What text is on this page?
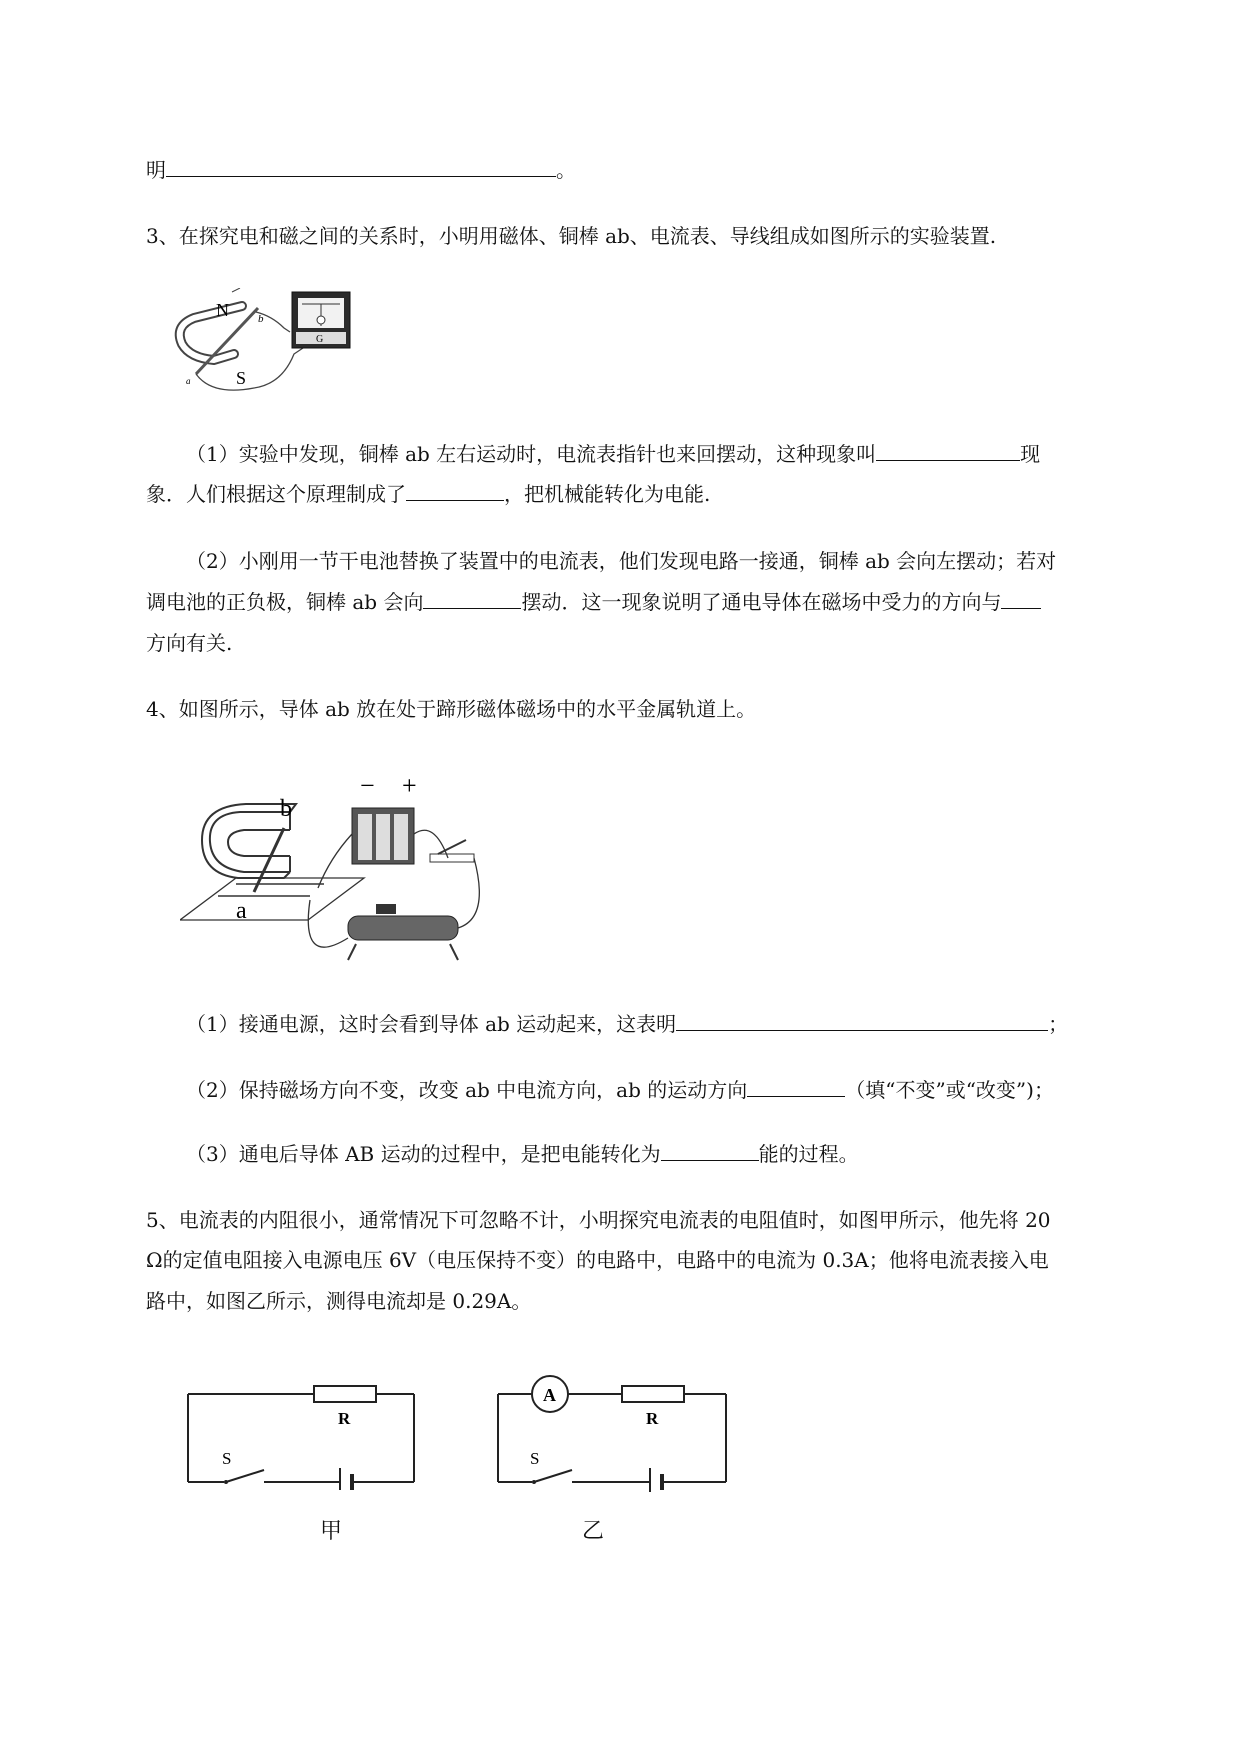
明	。
3、在探究电和磁之间的关系时，小明用磁体、铜棒 ab、电流表、导线组成如图所示的实验装置.
N
S
b
a
G
（1）实验中发现，铜棒 ab 左右运动时，电流表指针也来回摆动，这种现象叫	现
象．人们根据这个原理制成了	，把机械能转化为电能.
（2）小刚用一节干电池替换了装置中的电流表，他们发现电路一接通，铜棒 ab 会向左摆动；若对
调电池的正负极，铜棒 ab 会向	摆动．这一现象说明了通电导体在磁场中受力的方向与
方向有关.
4、如图所示，导体 ab 放在处于蹄形磁体磁场中的水平金属轨道上。
b
a
− +
（1）接通电源，这时会看到导体 ab 运动起来，这表明	；
（2）保持磁场方向不变，改变 ab 中电流方向，ab 的运动方向	（填“不变”或“改变”)；
（3）通电后导体 AB 运动的过程中，是把电能转化为	能的过程。
5、电流表的内阻很小，通常情况下可忽略不计，小明探究电流表的电阻值时，如图甲所示，他先将 20
Ω的定值电阻接入电源电压 6V（电压保持不变）的电路中，电路中的电流为 0.3A；他将电流表接入电
路中，如图乙所示，测得电流却是 0.29A。
R
S
甲
A
R
S
乙
